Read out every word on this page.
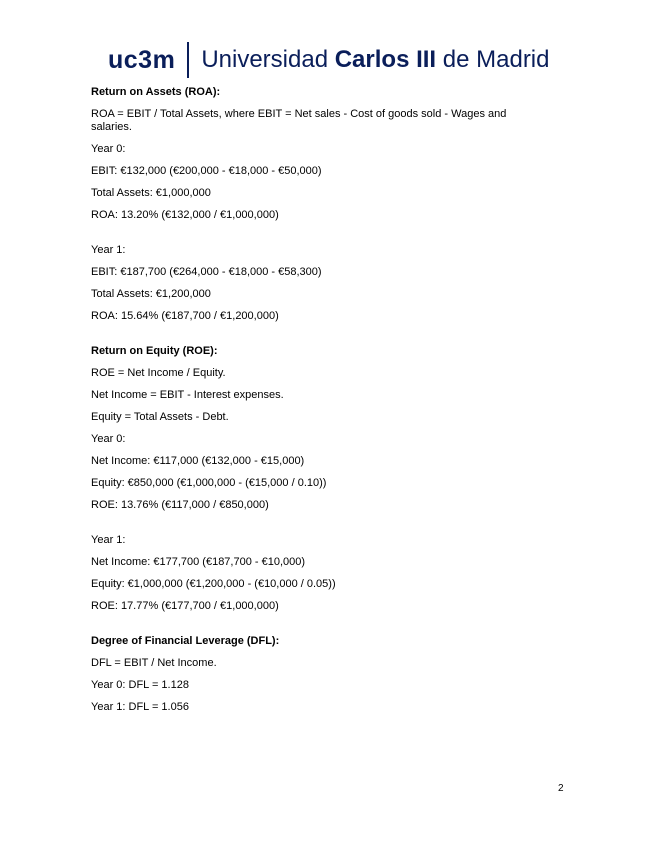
uc3m Universidad Carlos III de Madrid

Return on Assets (ROA):

ROA = EBIT / Total Assets, where EBIT = Net sales - Cost of goods sold - Wages and salaries.

Year 0:

EBIT: €132,000 (€200,000 - €18,000 - €50,000)

Total Assets: €1,000,000

ROA: 13.20% (€132,000 / €1,000,000)

Year 1:

EBIT: €187,700 (€264,000 - €18,000 - €58,300)

Total Assets: €1,200,000

ROA: 15.64% (€187,700 / €1,200,000)

Return on Equity (ROE):

ROE = Net Income / Equity.

Net Income = EBIT - Interest expenses.

Equity = Total Assets - Debt.

Year 0:

Net Income: €117,000 (€132,000 - €15,000)

Equity: €850,000 (€1,000,000 - (€15,000 / 0.10))

ROE: 13.76% (€117,000 / €850,000)

Year 1:

Net Income: €177,700 (€187,700 - €10,000)

Equity: €1,000,000 (€1,200,000 - (€10,000 / 0.05))

ROE: 17.77% (€177,700 / €1,000,000)

Degree of Financial Leverage (DFL):

DFL = EBIT / Net Income.

Year 0: DFL = 1.128

Year 1: DFL = 1.056

2
